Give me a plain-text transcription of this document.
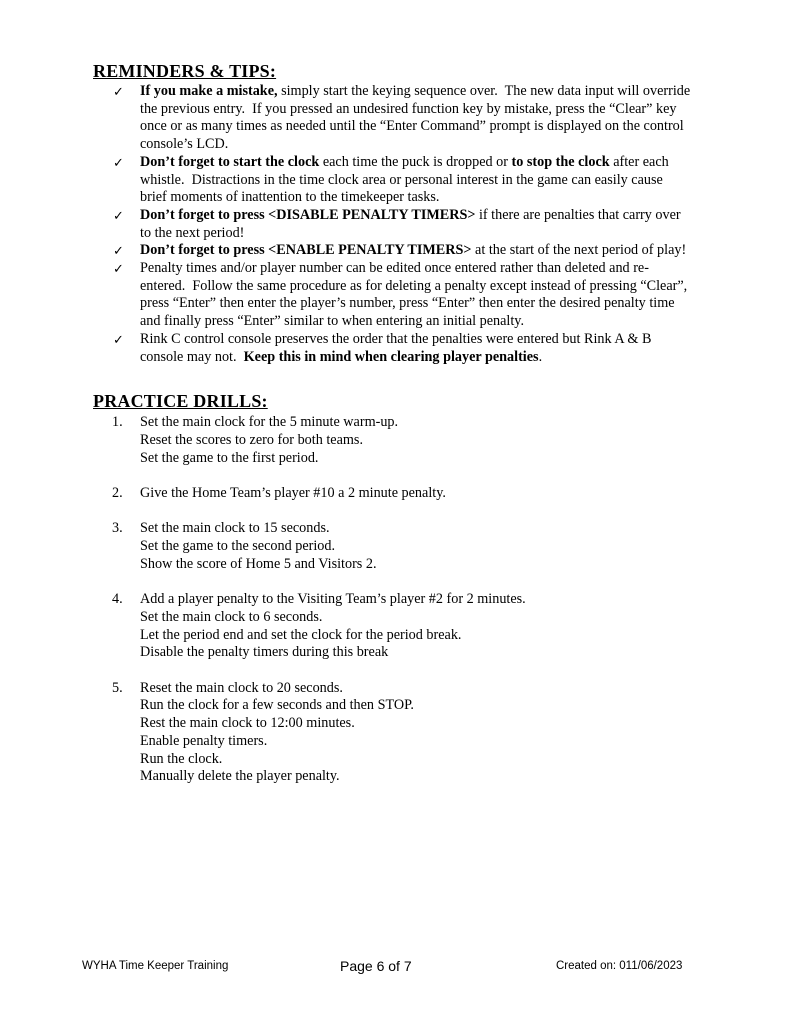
REMINDERS & TIPS:
✓ If you make a mistake, simply start the keying sequence over.  The new data input will override the previous entry.  If you pressed an undesired function key by mistake, press the “Clear” key once or as many times as needed until the “Enter Command” prompt is displayed on the control console’s LCD.
✓ Don’t forget to start the clock each time the puck is dropped or to stop the clock after each whistle.  Distractions in the time clock area or personal interest in the game can easily cause brief moments of inattention to the timekeeper tasks.
✓ Don’t forget to press <DISABLE PENALTY TIMERS> if there are penalties that carry over to the next period!
✓ Don’t forget to press <ENABLE PENALTY TIMERS> at the start of the next period of play!
✓ Penalty times and/or player number can be edited once entered rather than deleted and re-entered.  Follow the same procedure as for deleting a penalty except instead of pressing “Clear”, press “Enter” then enter the player’s number, press “Enter” then enter the desired penalty time and finally press “Enter” similar to when entering an initial penalty.
✓ Rink C control console preserves the order that the penalties were entered but Rink A & B console may not.  Keep this in mind when clearing player penalties.
PRACTICE DRILLS:
1. Set the main clock for the 5 minute warm-up.
Reset the scores to zero for both teams.
Set the game to the first period.
2. Give the Home Team’s player #10 a 2 minute penalty.
3. Set the main clock to 15 seconds.
Set the game to the second period.
Show the score of Home 5 and Visitors 2.
4. Add a player penalty to the Visiting Team’s player #2 for 2 minutes.
Set the main clock to 6 seconds.
Let the period end and set the clock for the period break.
Disable the penalty timers during this break
5. Reset the main clock to 20 seconds.
Run the clock for a few seconds and then STOP.
Rest the main clock to 12:00 minutes.
Enable penalty timers.
Run the clock.
Manually delete the player penalty.
WYHA Time Keeper Training	Page 6 of 7	Created on: 011/06/2023
